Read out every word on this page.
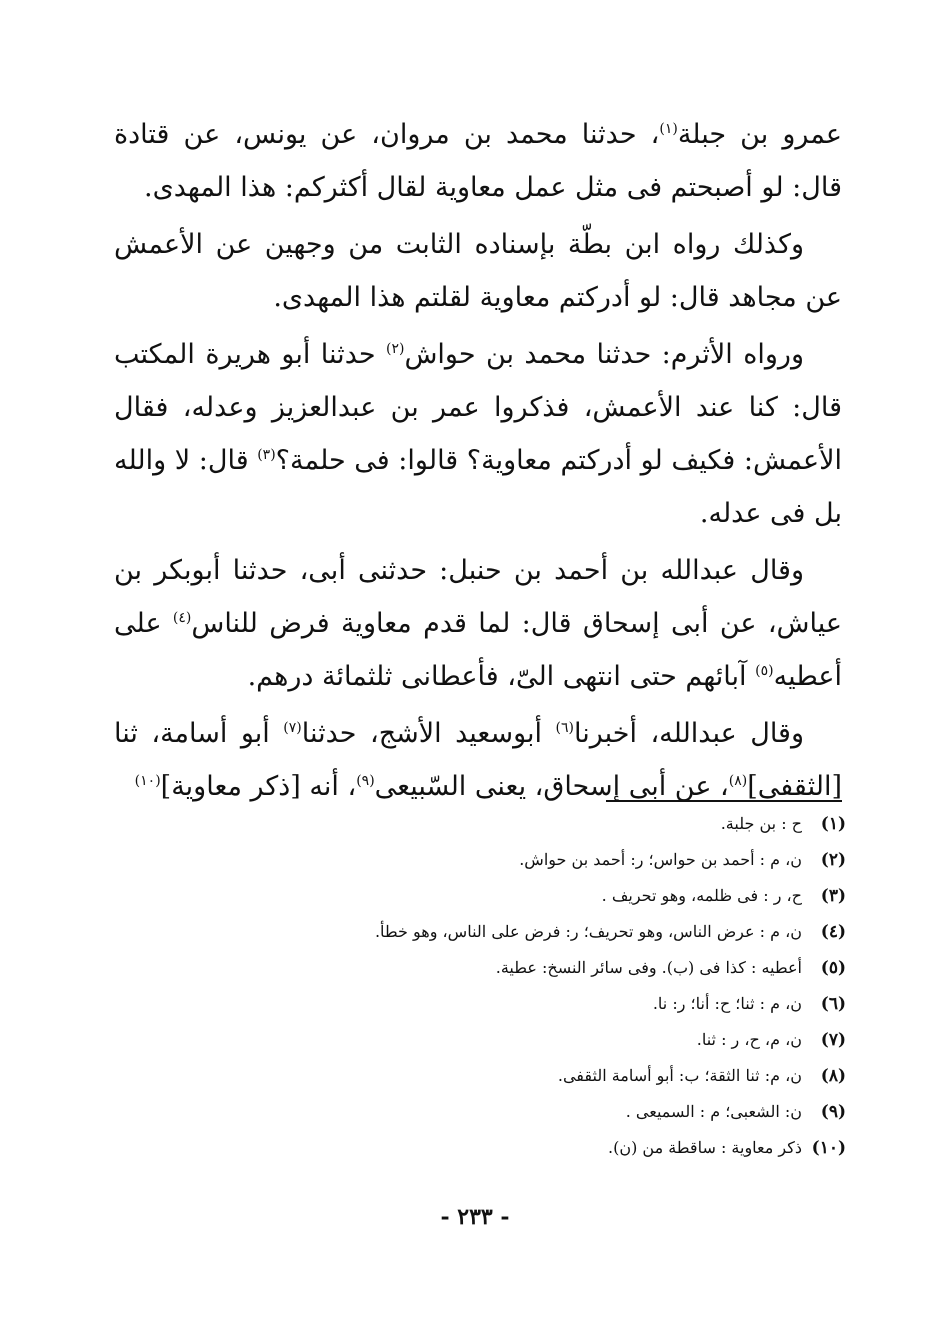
عمرو بن جبلة$^{(١)}$، حدثنا محمد بن مروان، عن يونس، عن قتادة قال: لو أصبحتم فى مثل عمل معاوية لقال أكثركم: هذا المهدى.

وكذلك رواه ابن بطّة بإسناده الثابت من وجهين عن الأعمش عن مجاهد قال: لو أدركتم معاوية لقلتم هذا المهدى.

ورواه الأثرم: حدثنا محمد بن حواش$^{(٢)}$ حدثنا أبو هريرة المكتب قال: كنا عند الأعمش، فذكروا عمر بن عبدالعزيز وعدله، فقال الأعمش: فكيف لو أدركتم معاوية؟ قالوا: فى حلمة؟$^{(٣)}$ قال: لا والله بل فى عدله.

وقال عبدالله بن أحمد بن حنبل: حدثنى أبى، حدثنا أبوبكر بن عياش، عن أبى إسحاق قال: لما قدم معاوية فرض للناس$^{(٤)}$ على أعطيه$^{(٥)}$ آبائهم حتى انتهى الىّ، فأعطانى ثلثمائة درهم.

وقال عبدالله، أخبرنا$^{(٦)}$ أبوسعيد الأشج، حدثنا$^{(٧)}$ أبو أسامة، ثنا [الثقفى]$^{(٨)}$، عن أبى إسحاق، يعنى السّبيعى$^{(٩)}$، أنه [ذكر معاوية]$^{(١٠)}$

(١)
ح : بن جلبة.
(٢)
ن، م : أحمد بن حواس؛ ر: أحمد بن حواش.
(٣)
ح، ر : فى ظلمه، وهو تحريف .
(٤)
ن، م : عرض الناس، وهو تحريف؛ ر: فرض على الناس، وهو خطأ.
(٥)
أعطيه : كذا فى (ب). وفى سائر النسخ: عطية.
(٦)
ن، م : ثنا؛ ح: أنا؛ ر: نا.
(٧)
ن، م، ح، ر : ثنا.
(٨)
ن، م: ثنا الثقة؛ ب: أبو أسامة الثقفى.
(٩)
ن: الشعبى؛ م : السميعى .
(١٠)
ذكر معاوية : ساقطة من (ن).
- ٢٣٣ -
